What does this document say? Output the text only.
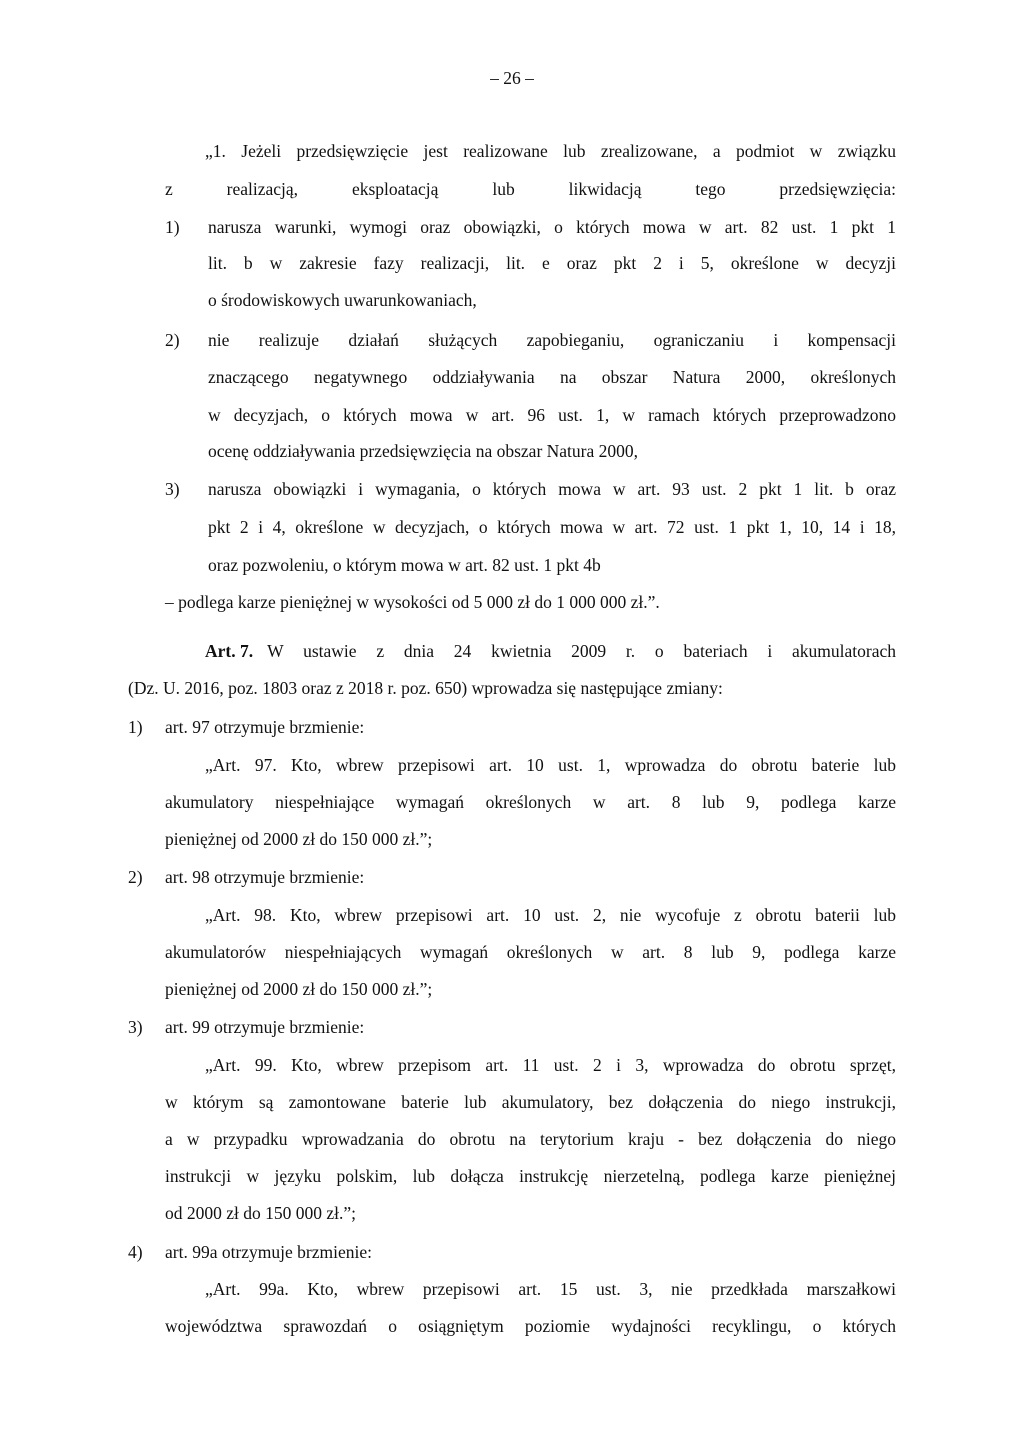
– 26 –
„1. Jeżeli przedsięwzięcie jest realizowane lub zrealizowane, a podmiot w związku
z realizacją, eksploatacją lub likwidacją tego przedsięwzięcia:
1) narusza warunki, wymogi oraz obowiązki, o których mowa w art. 82 ust. 1 pkt 1
lit. b w zakresie fazy realizacji, lit. e oraz pkt 2 i 5, określone w decyzji
o środowiskowych uwarunkowaniach,
2) nie realizuje działań służących zapobieganiu, ograniczaniu i kompensacji
znaczącego negatywnego oddziaływania na obszar Natura 2000, określonych
w decyzjach, o których mowa w art. 96 ust. 1, w ramach których przeprowadzono
ocenę oddziaływania przedsięwzięcia na obszar Natura 2000,
3) narusza obowiązki i wymagania, o których mowa w art. 93 ust. 2 pkt 1 lit. b oraz
pkt 2 i 4, określone w decyzjach, o których mowa w art. 72 ust. 1 pkt 1, 10, 14 i 18,
oraz pozwoleniu, o którym mowa w art. 82 ust. 1 pkt 4b
– podlega karze pieniężnej w wysokości od 5 000 zł do 1 000 000 zł.”.
Art. 7. W ustawie z dnia 24 kwietnia 2009 r. o bateriach i akumulatorach
(Dz. U. 2016, poz. 1803 oraz z 2018 r. poz. 650) wprowadza się następujące zmiany:
1) art. 97 otrzymuje brzmienie:
„Art. 97. Kto, wbrew przepisowi art. 10 ust. 1, wprowadza do obrotu baterie lub
akumulatory niespełniające wymagań określonych w art. 8 lub 9, podlega karze
pieniężnej od 2000 zł do 150 000 zł.”;
2) art. 98 otrzymuje brzmienie:
„Art. 98. Kto, wbrew przepisowi art. 10 ust. 2, nie wycofuje z obrotu baterii lub
akumulatorów niespełniających wymagań określonych w art. 8 lub 9, podlega karze
pieniężnej od 2000 zł do 150 000 zł.”;
3) art. 99 otrzymuje brzmienie:
„Art. 99. Kto, wbrew przepisom art. 11 ust. 2 i 3, wprowadza do obrotu sprzęt,
w którym są zamontowane baterie lub akumulatory, bez dołączenia do niego instrukcji,
a w przypadku wprowadzania do obrotu na terytorium kraju - bez dołączenia do niego
instrukcji w języku polskim, lub dołącza instrukcję nierzetelną, podlega karze pieniężnej
od 2000 zł do 150 000 zł.”;
4) art. 99a otrzymuje brzmienie:
„Art. 99a. Kto, wbrew przepisowi art. 15 ust. 3, nie przedkłada marszałkowi
województwa sprawozdań o osiągniętym poziomie wydajności recyklingu, o których
